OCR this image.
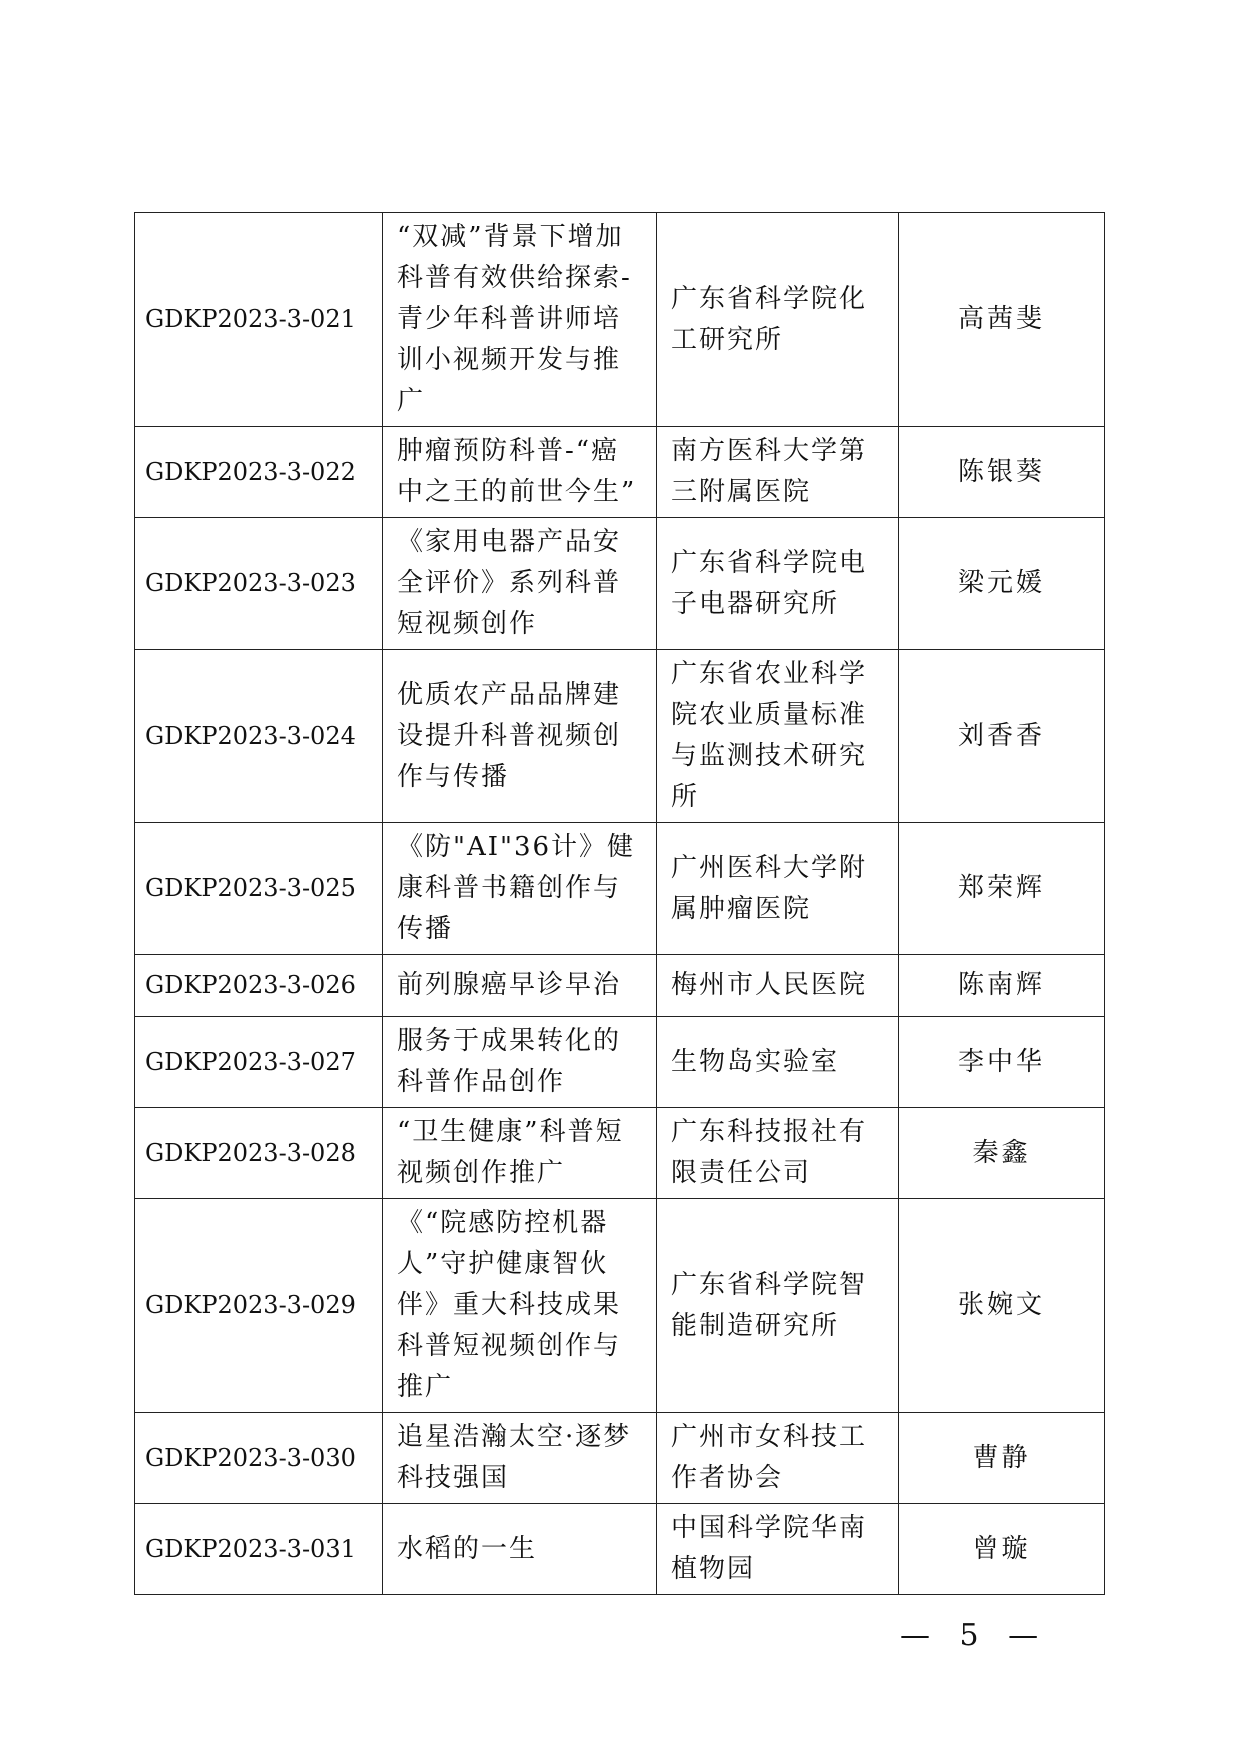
GDKP2023-3-021	“双减”背景下增加科普有效供给探索-青少年科普讲师培训小视频开发与推广	广东省科学院化工研究所	高茜斐
GDKP2023-3-022	肿瘤预防科普-“癌中之王的前世今生”	南方医科大学第三附属医院	陈银葵
GDKP2023-3-023	《家用电器产品安全评价》系列科普短视频创作	广东省科学院电子电器研究所	梁元媛
GDKP2023-3-024	优质农产品品牌建设提升科普视频创作与传播	广东省农业科学院农业质量标准与监测技术研究所	刘香香
GDKP2023-3-025	《防"AI"36计》健康科普书籍创作与传播	广州医科大学附属肿瘤医院	郑荣辉
GDKP2023-3-026	前列腺癌早诊早治	梅州市人民医院	陈南辉
GDKP2023-3-027	服务于成果转化的科普作品创作	生物岛实验室	李中华
GDKP2023-3-028	“卫生健康”科普短视频创作推广	广东科技报社有限责任公司	秦鑫
GDKP2023-3-029	《“院感防控机器人”守护健康智伙伴》重大科技成果科普短视频创作与推广	广东省科学院智能制造研究所	张婉文
GDKP2023-3-030	追星浩瀚太空·逐梦科技强国	广州市女科技工作者协会	曹静
GDKP2023-3-031	水稻的一生	中国科学院华南植物园	曾璇
— 5 —
